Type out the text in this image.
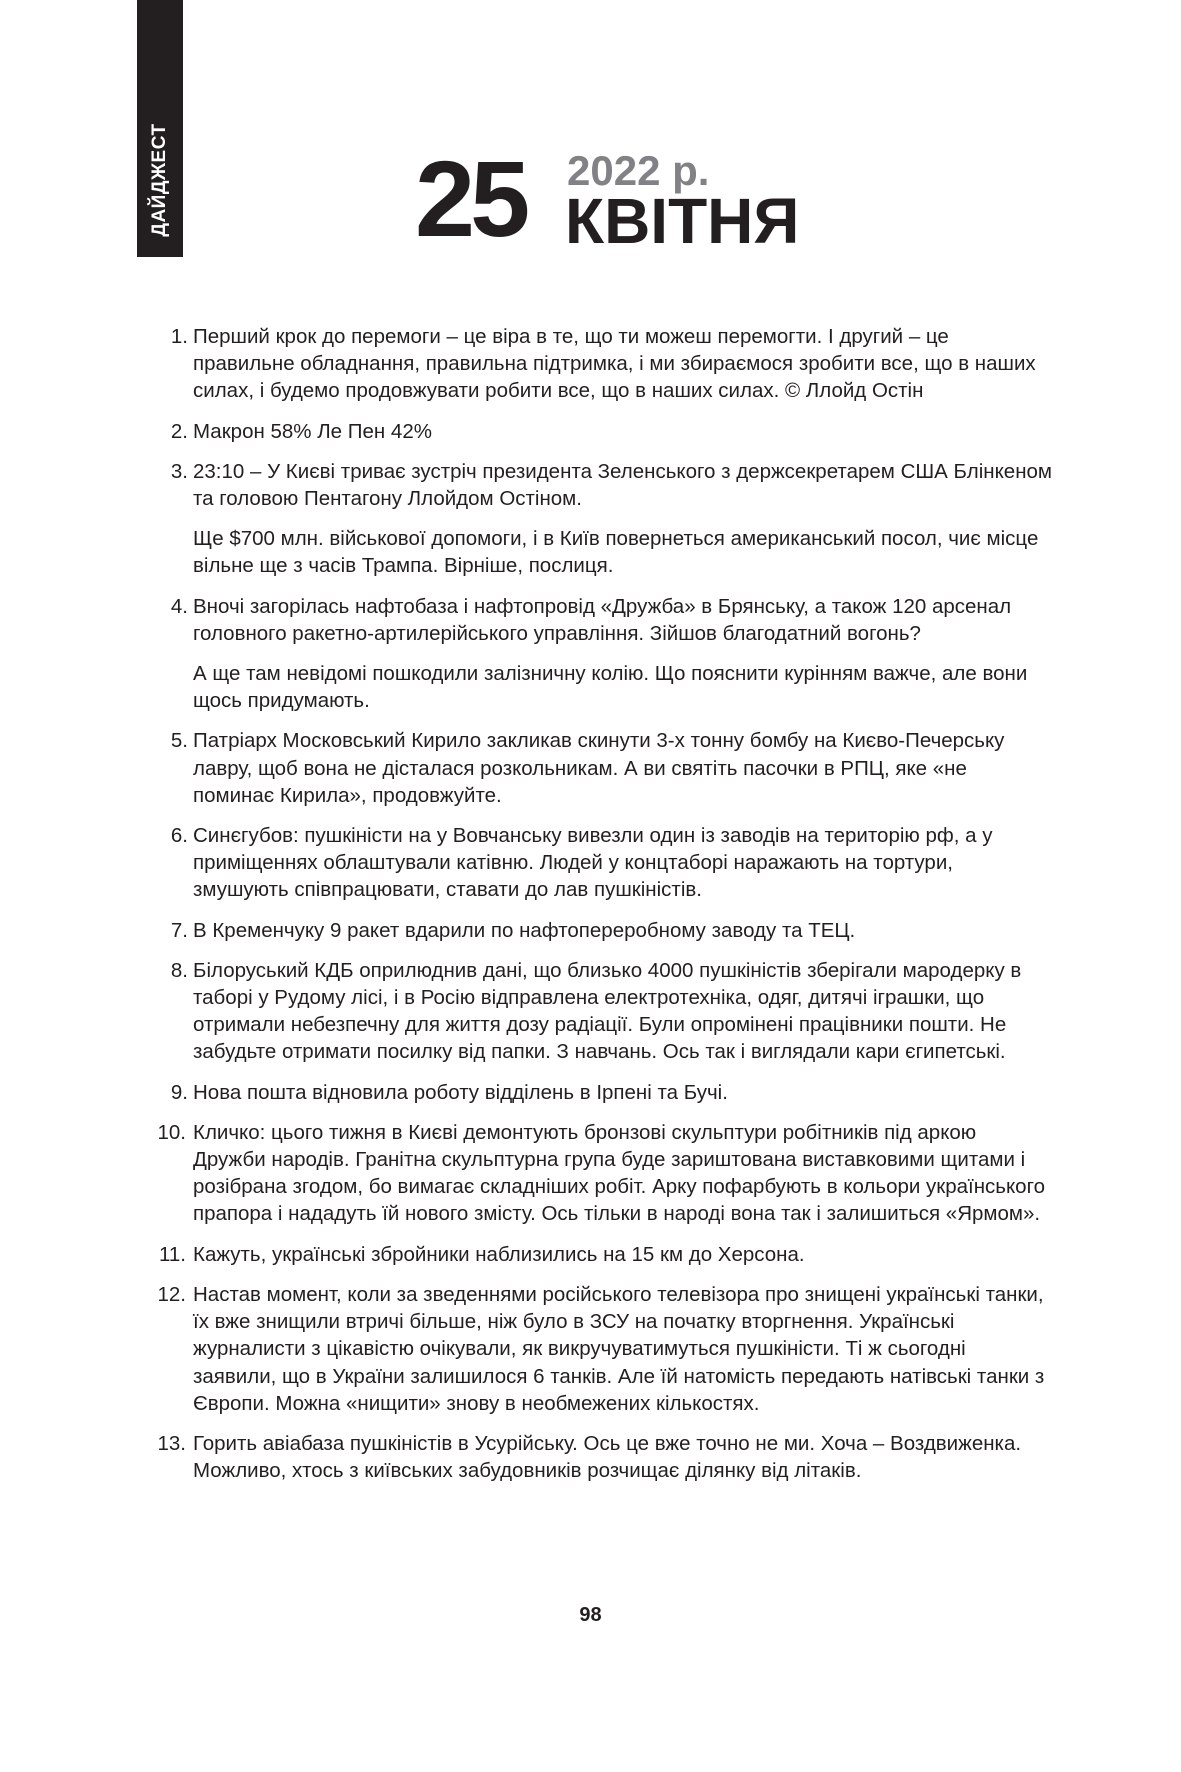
ДАЙДЖЕСТ 25 2022 р.
КВІТНЯ
1. Перший крок до перемоги – це віра в те, що ти можеш перемогти. І другий – це правильне обладнання, правильна підтримка, і ми збираємося зробити все, що в наших силах, і будемо продовжувати робити все, що в наших силах. © Ллойд Остін

2. Макрон 58% Ле Пен 42%

3. 23:10 – У Києві триває зустріч президента Зеленського з держсекретарем США Блінкеном та головою Пентагону Ллойдом Остіном.

Ще $700 млн. військової допомоги, і в Київ повернеться американський посол, чиє місце вільне ще з часів Трампа. Вірніше, послиця.

4. Вночі загорілась нафтобаза і нафтопровід «Дружба» в Брянську, а також 120 арсенал головного ракетно-артилерійського управління. Зійшов благодатний вогонь?

А ще там невідомі пошкодили залізничну колію. Що пояснити курінням важче, але вони щось придумають.

5. Патріарх Московський Кирило закликав скинути 3-х тонну бомбу на Києво-Печерську лавру, щоб вона не дісталася розкольникам. А ви святіть пасочки в РПЦ, яке «не поминає Кирила», продовжуйте.

6. Синєгубов: пушкіністи на у Вовчанську вивезли один із заводів на територію рф, а у приміщеннях облаштували катівню. Людей у концтаборі наражають на тортури, змушують співпрацювати, ставати до лав пушкіністів.

7. В Кременчуку 9 ракет вдарили по нафтопереробному заводу та ТЕЦ.

8. Білоруський КДБ оприлюднив дані, що близько 4000 пушкіністів зберігали мародерку в таборі у Рудому лісі, і в Росію відправлена електротехніка, одяг, дитячі іграшки, що отримали небезпечну для життя дозу радіації. Були опромінені працівники пошти. Не забудьте отримати посилку від папки. З навчань. Ось так і виглядали кари єгипетські.

9. Нова пошта відновила роботу відділень в Ірпені та Бучі.

10. Кличко: цього тижня в Києві демонтують бронзові скульптури робітників під аркою Дружби народів. Гранітна скульптурна група буде зариштована виставковими щитами і розібрана згодом, бо вимагає складніших робіт. Арку пофарбують в кольори українського прапора і нададуть їй нового змісту. Ось тільки в народі вона так і залишиться «Ярмом».

11. Кажуть, українські збройники наблизились на 15 км до Херсона.

12. Настав момент, коли за зведеннями російського телевізора про знищені українські танки, їх вже знищили втричі більше, ніж було в ЗСУ на початку вторгнення. Українські журналисти з цікавістю очікували, як викручуватимуться пушкіністи. Ті ж сьогодні заявили, що в України залишилося 6 танків. Але їй натомість передають натівські танки з Європи. Можна «нищити» знову в необмежених кількостях.

13. Горить авіабаза пушкіністів в Усурійську. Ось це вже точно не ми. Хоча – Воздвиженка. Можливо, хтось з київських забудовників розчищає ділянку від літаків.

98
